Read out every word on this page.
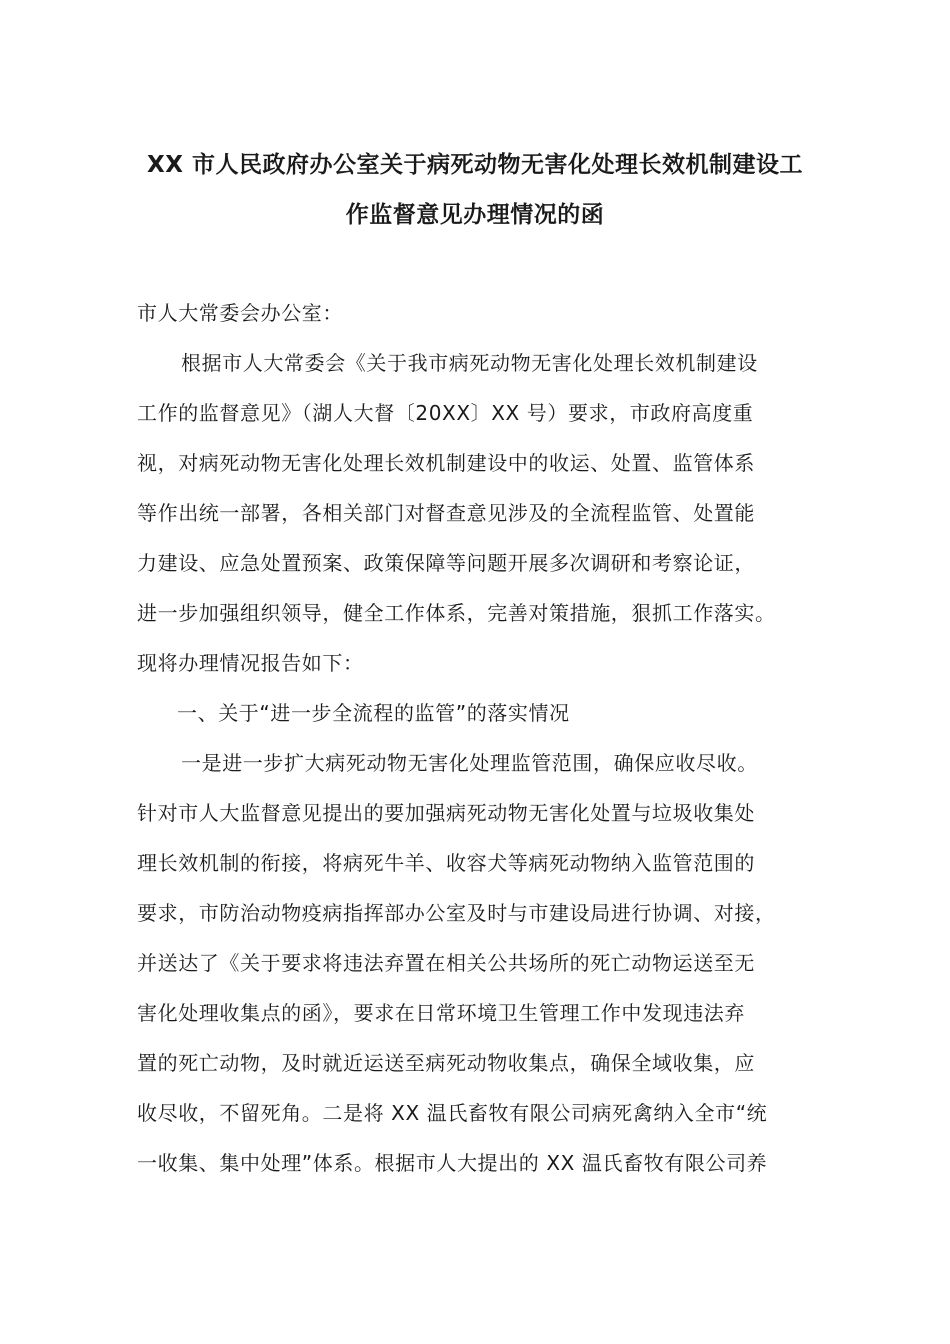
XX 市人民政府办公室关于病死动物无害化处理长效机制建设工
作监督意见办理情况的函
市人大常委会办公室：
根据市人大常委会《关于我市病死动物无害化处理长效机制建设
工作的监督意见》（湖人大督〔20XX〕XX 号）要求，市政府高度重
视，对病死动物无害化处理长效机制建设中的收运、处置、监管体系
等作出统一部署，各相关部门对督查意见涉及的全流程监管、处置能
力建设、应急处置预案、政策保障等问题开展多次调研和考察论证，
进一步加强组织领导，健全工作体系，完善对策措施，狠抓工作落实。
现将办理情况报告如下：
一、关于“进一步全流程的监管”的落实情况
一是进一步扩大病死动物无害化处理监管范围，确保应收尽收。
针对市人大监督意见提出的要加强病死动物无害化处置与垃圾收集处
理长效机制的衔接，将病死牛羊、收容犬等病死动物纳入监管范围的
要求，市防治动物疫病指挥部办公室及时与市建设局进行协调、对接，
并送达了《关于要求将违法弃置在相关公共场所的死亡动物运送至无
害化处理收集点的函》，要求在日常环境卫生管理工作中发现违法弃
置的死亡动物，及时就近运送至病死动物收集点，确保全域收集，应
收尽收，不留死角。二是将 XX 温氏畜牧有限公司病死禽纳入全市“统
一收集、集中处理”体系。根据市人大提出的 XX 温氏畜牧有限公司养
